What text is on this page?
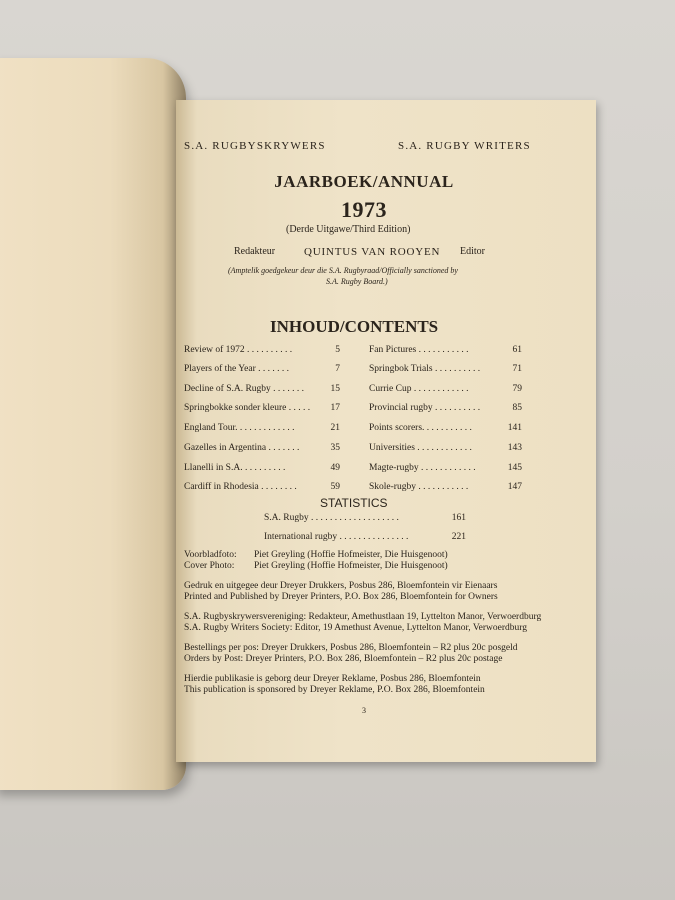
S.A. RUGBYSKRYWERS	S.A. RUGBY WRITERS
JAARBOEK/ANNUAL
1973
(Derde Uitgawe/Third Edition)
Redakteur	QUINTUS VAN ROOYEN Editor
(Amptelik goedgekeur deur die S.A. Rugbyraad/Officially sanctioned by
S.A. Rugby Board.)
INHOUD/CONTENTS
Review of 1972 . . . . . . . . . .	5
Players of the Year . . . . . . .	7
Decline of S.A. Rugby . . . . . . .	15
Springbokke sonder kleure . . . . . 17
England Tour. . . . . . . . . . . . .	21
Gazelles in Argentina . . . . . . .	35
Llanelli in S.A. . . . . . . . . .	49
Cardiff in Rhodesia . . . . . . . .	59
Fan Pictures . . . . . . . . . . .	61
Springbok Trials . . . . . . . . . .	71
Currie Cup . . . . . . . . . . . .	79
Provincial rugby . . . . . . . . . .	85
Points scorers. . . . . . . . . . .	141
Universities . . . . . . . . . . . .	143
Magte-rugby . . . . . . . . . . . .	145
Skole-rugby . . . . . . . . . . .	147
STATISTICS
S.A. Rugby . . . . . . . . . . . . . . . . . . .	161
International rugby . . . . . . . . . . . . . . .	221
Voorbladfoto: Piet Greyling (Hoffie Hofmeister, Die Huisgenoot)
Cover Photo: Piet Greyling (Hoffie Hofmeister, Die Huisgenoot)
Gedruk en uitgegee deur Dreyer Drukkers, Posbus 286, Bloemfontein vir Eienaars
Printed and Published by Dreyer Printers, P.O. Box 286, Bloemfontein for Owners
S.A. Rugbyskrywersvereniging: Redakteur, Amethustlaan 19, Lyttelton Manor, Verwoerdburg
S.A. Rugby Writers Society: Editor, 19 Amethust Avenue, Lyttelton Manor, Verwoerdburg
Bestellings per pos: Dreyer Drukkers, Posbus 286, Bloemfontein – R2 plus 20c posgeld
Orders by Post: Dreyer Printers, P.O. Box 286, Bloemfontein – R2 plus 20c postage
Hierdie publikasie is geborg deur Dreyer Reklame, Posbus 286, Bloemfontein
This publication is sponsored by Dreyer Reklame, P.O. Box 286, Bloemfontein
3
